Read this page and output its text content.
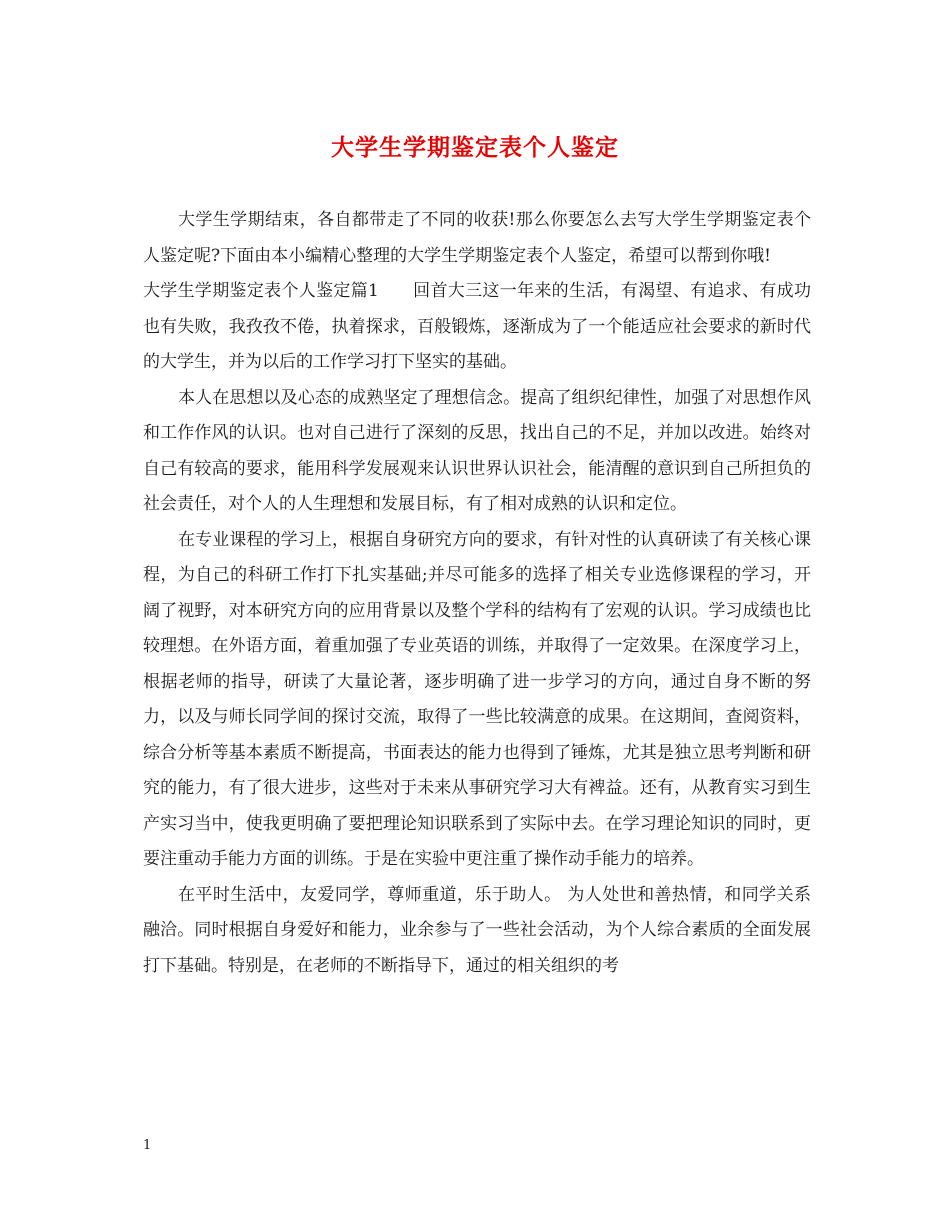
大学生学期鉴定表个人鉴定

大学生学期结束，各自都带走了不同的收获!那么你要怎么去写大学生学期鉴定表个人鉴定呢?下面由本小编精心整理的大学生学期鉴定表个人鉴定，希望可以帮到你哦!

大学生学期鉴定表个人鉴定篇1 回首大三这一年来的生活，有渴望、有追求、有成功也有失败，我孜孜不倦，执着探求，百般锻炼，逐渐成为了一个能适应社会要求的新时代的大学生，并为以后的工作学习打下坚实的基础。

本人在思想以及心态的成熟坚定了理想信念。提高了组织纪律性，加强了对思想作风和工作作风的认识。也对自己进行了深刻的反思，找出自己的不足，并加以改进。始终对自己有较高的要求，能用科学发展观来认识世界认识社会，能清醒的意识到自己所担负的社会责任，对个人的人生理想和发展目标，有了相对成熟的认识和定位。

在专业课程的学习上，根据自身研究方向的要求，有针对性的认真研读了有关核心课程，为自己的科研工作打下扎实基础;并尽可能多的选择了相关专业选修课程的学习，开阔了视野，对本研究方向的应用背景以及整个学科的结构有了宏观的认识。学习成绩也比较理想。在外语方面，着重加强了专业英语的训练，并取得了一定效果。在深度学习上，根据老师的指导，研读了大量论著，逐步明确了进一步学习的方向，通过自身不断的努力，以及与师长同学间的探讨交流，取得了一些比较满意的成果。在这期间，查阅资料，综合分析等基本素质不断提高，书面表达的能力也得到了锤炼，尤其是独立思考判断和研究的能力，有了很大进步，这些对于未来从事研究学习大有裨益。还有，从教育实习到生产实习当中，使我更明确了要把理论知识联系到了实际中去。在学习理论知识的同时，更要注重动手能力方面的训练。于是在实验中更注重了操作动手能力的培养。

在平时生活中，友爱同学，尊师重道，乐于助人。 为人处世和善热情，和同学关系融洽。同时根据自身爱好和能力，业余参与了一些社会活动，为个人综合素质的全面发展打下基础。特别是，在老师的不断指导下，通过的相关组织的考

1
